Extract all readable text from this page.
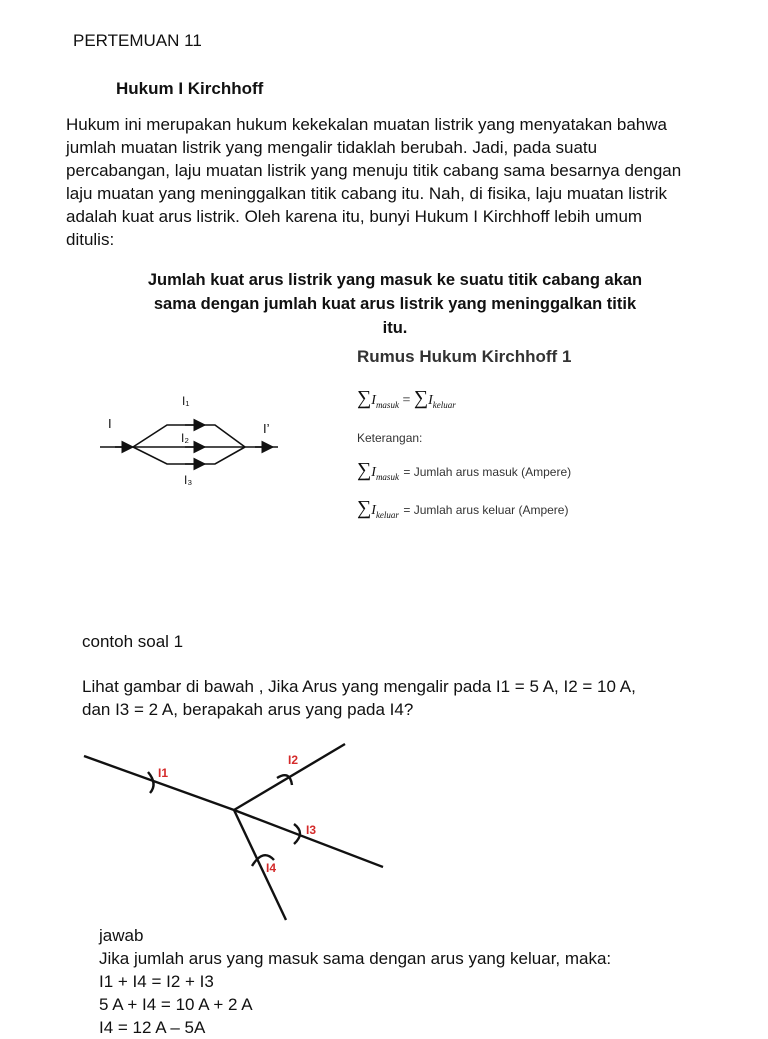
PERTEMUAN 11
Hukum I Kirchhoff
Hukum ini merupakan hukum kekekalan muatan listrik yang menyatakan bahwa
jumlah muatan listrik yang mengalir tidaklah berubah. Jadi, pada suatu
percabangan, laju muatan listrik yang menuju titik cabang sama besarnya dengan
laju muatan yang meninggalkan titik cabang itu. Nah, di fisika, laju muatan listrik
adalah kuat arus listrik. Oleh karena itu, bunyi Hukum I Kirchhoff lebih umum
ditulis:
Jumlah kuat arus listrik yang masuk ke suatu titik cabang akan
sama dengan jumlah kuat arus listrik yang meninggalkan titik
itu.
I	I’
I₁
I₂
I₃
Rumus Hukum Kirchhoff 1
$\sum I_{masuk} = \sum I_{keluar}$
Keterangan:
$\sum I_{masuk}$ = Jumlah arus masuk (Ampere)
$\sum I_{keluar}$ = Jumlah arus keluar (Ampere)
contoh soal 1
Lihat gambar di bawah , Jika Arus yang mengalir pada I1 = 5 A, I2 = 10 A,
dan I3 = 2 A, berapakah arus yang pada I4?
I1
I2
I3
I4
jawab
Jika jumlah arus yang masuk sama dengan arus yang keluar, maka:
I1 + I4 = I2 + I3
5 A + I4 = 10 A + 2 A
I4 = 12 A – 5A
